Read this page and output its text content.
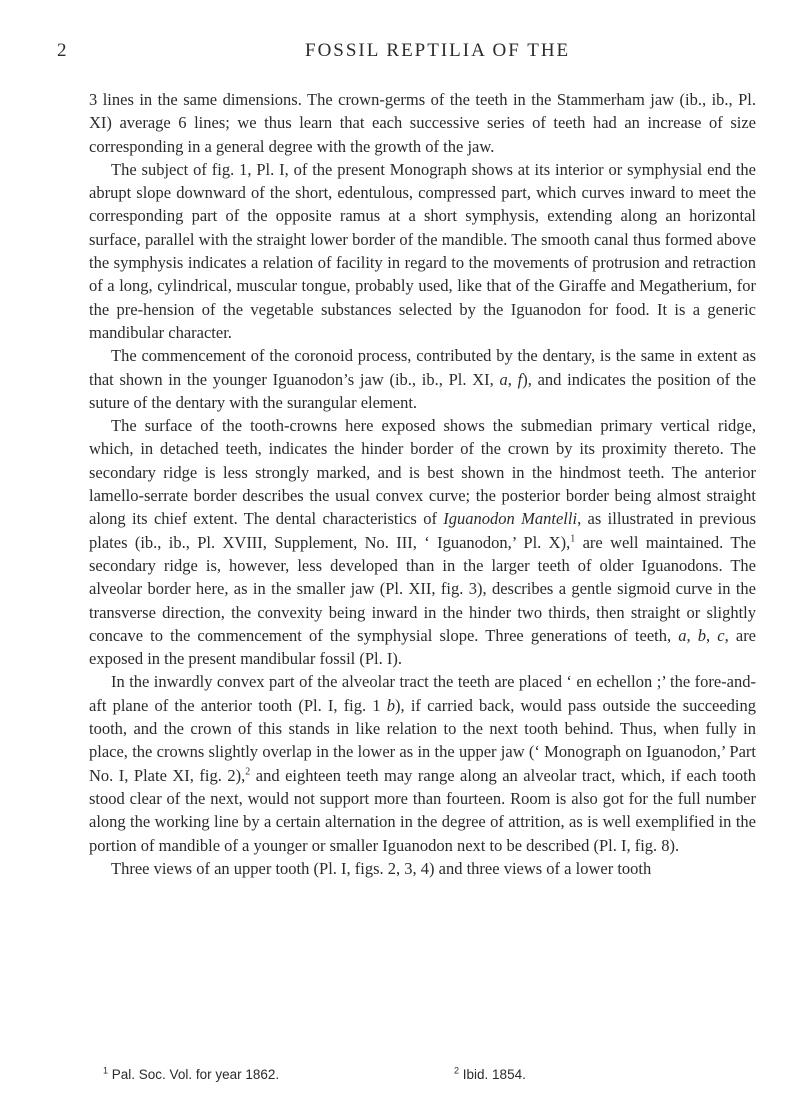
2	FOSSIL REPTILIA OF THE

3 lines in the same dimensions. The crown-germs of the teeth in the Stammerham jaw (ib., ib., Pl. XI) average 6 lines; we thus learn that each successive series of teeth had an increase of size corresponding in a general degree with the growth of the jaw.

The subject of fig. 1, Pl. I, of the present Monograph shows at its interior or symphysial end the abrupt slope downward of the short, edentulous, compressed part, which curves inward to meet the corresponding part of the opposite ramus at a short symphysis, extending along an horizontal surface, parallel with the straight lower border of the mandible. The smooth canal thus formed above the symphysis indicates a relation of facility in regard to the movements of protrusion and retraction of a long, cylindrical, muscular tongue, probably used, like that of the Giraffe and Megatherium, for the pre-hension of the vegetable substances selected by the Iguanodon for food. It is a generic mandibular character.

The commencement of the coronoid process, contributed by the dentary, is the same in extent as that shown in the younger Iguanodon’s jaw (ib., ib., Pl. XI, a, f), and indicates the position of the suture of the dentary with the surangular element.

The surface of the tooth-crowns here exposed shows the submedian primary vertical ridge, which, in detached teeth, indicates the hinder border of the crown by its proximity thereto. The secondary ridge is less strongly marked, and is best shown in the hindmost teeth. The anterior lamello-serrate border describes the usual convex curve; the posterior border being almost straight along its chief extent. The dental characteristics of Iguanodon Mantelli, as illustrated in previous plates (ib., ib., Pl. XVIII, Supplement, No. III, ‘ Iguanodon,’ Pl. X),$^1$ are well maintained. The secondary ridge is, however, less developed than in the larger teeth of older Iguanodons. The alveolar border here, as in the smaller jaw (Pl. XII, fig. 3), describes a gentle sigmoid curve in the transverse direction, the convexity being inward in the hinder two thirds, then straight or slightly concave to the commencement of the symphysial slope. Three generations of teeth, a, b, c, are exposed in the present mandibular fossil (Pl. I).

In the inwardly convex part of the alveolar tract the teeth are placed ‘ en echellon ;’ the fore-and-aft plane of the anterior tooth (Pl. I, fig. 1 b), if carried back, would pass outside the succeeding tooth, and the crown of this stands in like relation to the next tooth behind. Thus, when fully in place, the crowns slightly overlap in the lower as in the upper jaw (‘ Monograph on Iguanodon,’ Part No. I, Plate XI, fig. 2),$^2$ and eighteen teeth may range along an alveolar tract, which, if each tooth stood clear of the next, would not support more than fourteen. Room is also got for the full number along the working line by a certain alternation in the degree of attrition, as is well exemplified in the portion of mandible of a younger or smaller Iguanodon next to be described (Pl. I, fig. 8).

Three views of an upper tooth (Pl. I, figs. 2, 3, 4) and three views of a lower tooth

$^1$ Pal. Soc. Vol. for year 1862.	$^2$ Ibid. 1854.
